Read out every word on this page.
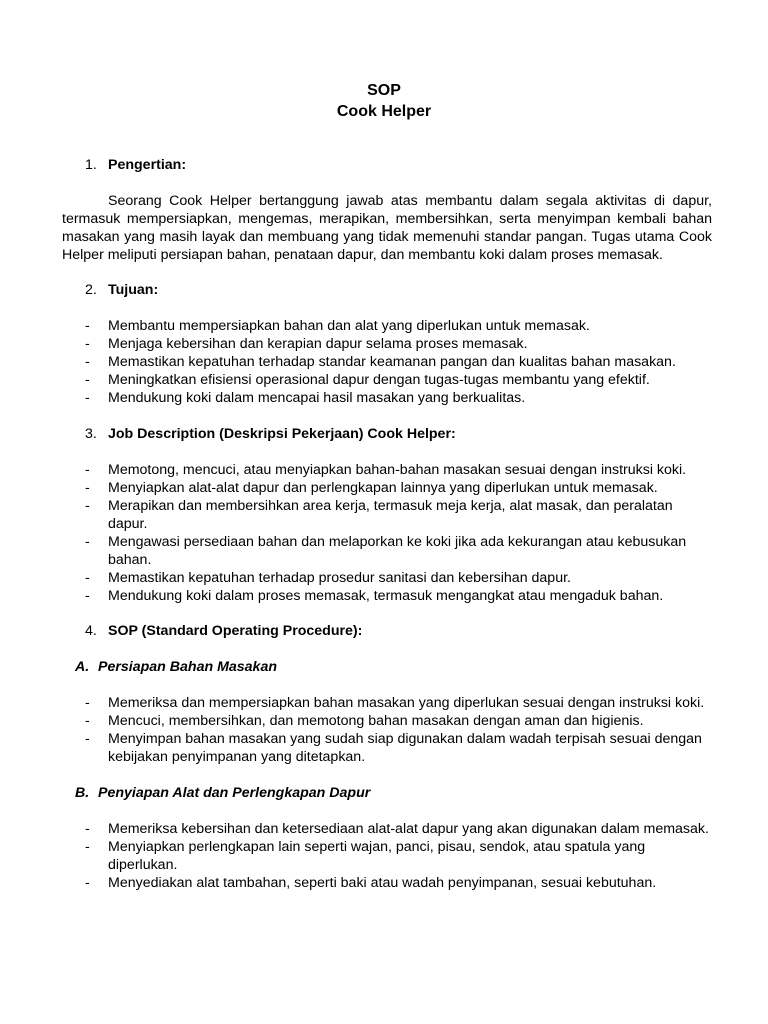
SOP
Cook Helper
1. Pengertian:
Seorang Cook Helper bertanggung jawab atas membantu dalam segala aktivitas di dapur, termasuk mempersiapkan, mengemas, merapikan, membersihkan, serta menyimpan kembali bahan masakan yang masih layak dan membuang yang tidak memenuhi standar pangan. Tugas utama Cook Helper meliputi persiapan bahan, penataan dapur, dan membantu koki dalam proses memasak.
2. Tujuan:
- Membantu mempersiapkan bahan dan alat yang diperlukan untuk memasak.
- Menjaga kebersihan dan kerapian dapur selama proses memasak.
- Memastikan kepatuhan terhadap standar keamanan pangan dan kualitas bahan masakan.
- Meningkatkan efisiensi operasional dapur dengan tugas-tugas membantu yang efektif.
- Mendukung koki dalam mencapai hasil masakan yang berkualitas.
3. Job Description (Deskripsi Pekerjaan) Cook Helper:
- Memotong, mencuci, atau menyiapkan bahan-bahan masakan sesuai dengan instruksi koki.
- Menyiapkan alat-alat dapur dan perlengkapan lainnya yang diperlukan untuk memasak.
- Merapikan dan membersihkan area kerja, termasuk meja kerja, alat masak, dan peralatan dapur.
- Mengawasi persediaan bahan dan melaporkan ke koki jika ada kekurangan atau kebusukan bahan.
- Memastikan kepatuhan terhadap prosedur sanitasi dan kebersihan dapur.
- Mendukung koki dalam proses memasak, termasuk mengangkat atau mengaduk bahan.
4. SOP (Standard Operating Procedure):
A. Persiapan Bahan Masakan
- Memeriksa dan mempersiapkan bahan masakan yang diperlukan sesuai dengan instruksi koki.
- Mencuci, membersihkan, dan memotong bahan masakan dengan aman dan higienis.
- Menyimpan bahan masakan yang sudah siap digunakan dalam wadah terpisah sesuai dengan kebijakan penyimpanan yang ditetapkan.
B. Penyiapan Alat dan Perlengkapan Dapur
- Memeriksa kebersihan dan ketersediaan alat-alat dapur yang akan digunakan dalam memasak.
- Menyiapkan perlengkapan lain seperti wajan, panci, pisau, sendok, atau spatula yang diperlukan.
- Menyediakan alat tambahan, seperti baki atau wadah penyimpanan, sesuai kebutuhan.
